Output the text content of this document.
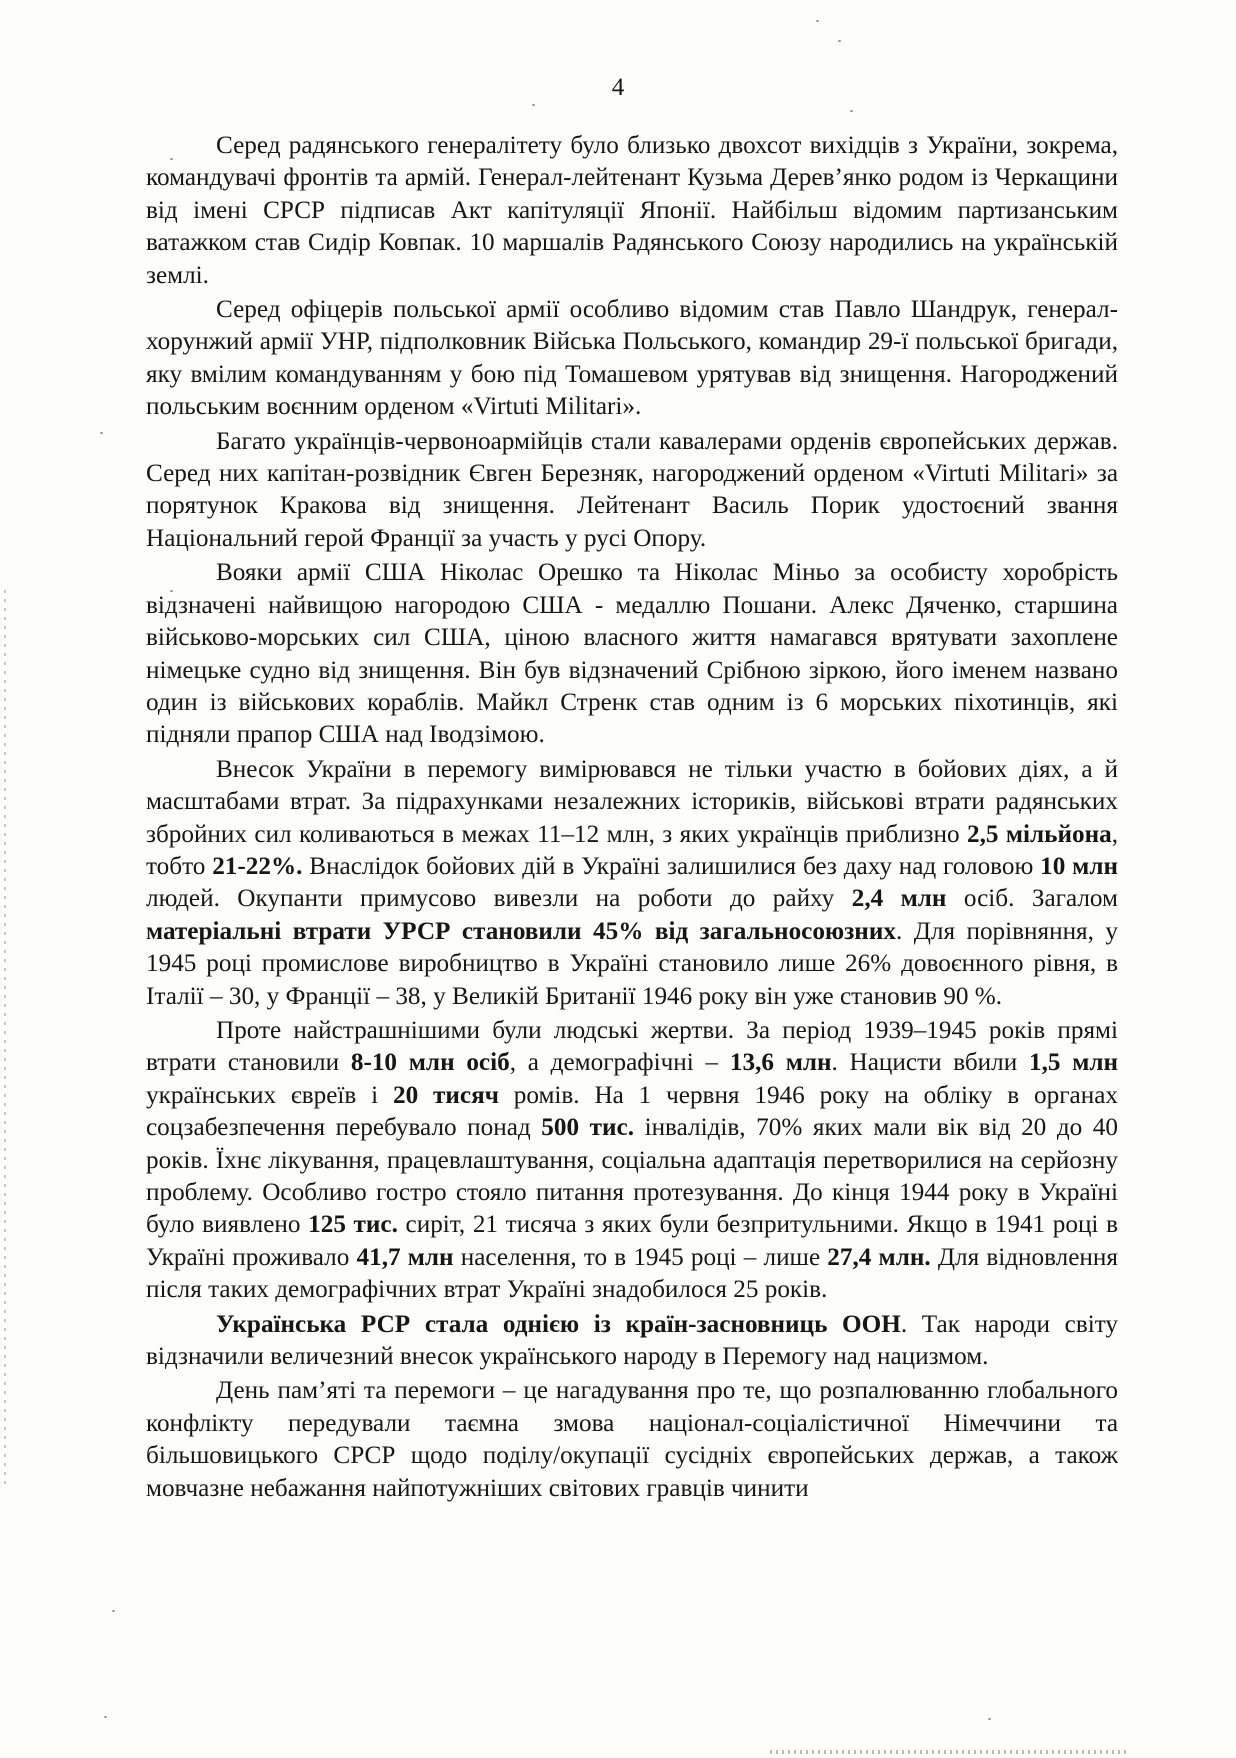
4

Серед радянського генералітету було близько двохсот вихідців з України, зокрема, командувачі фронтів та армій. Генерал-лейтенант Кузьма Дерев’янко родом із Черкащини від імені СРСР підписав Акт капітуляції Японії. Найбільш відомим партизанським ватажком став Сидір Ковпак. 10 маршалів Радянського Союзу народились на українській землі.

Серед офіцерів польської армії особливо відомим став Павло Шандрук, генерал-хорунжий армії УНР, підполковник Війська Польського, командир 29-ї польської бригади, яку вмілим командуванням у бою під Томашевом урятував від знищення. Нагороджений польським воєнним орденом «Virtuti Militari».

Багато українців-червоноармійців стали кавалерами орденів європейських держав. Серед них капітан-розвідник Євген Березняк, нагороджений орденом «Virtuti Militari» за порятунок Кракова від знищення. Лейтенант Василь Порик удостоєний звання Національний герой Франції за участь у русі Опору.

Вояки армії США Ніколас Орешко та Ніколас Міньо за особисту хоробрість відзначені найвищою нагородою США - медаллю Пошани. Алекс Дяченко, старшина військово-морських сил США, ціною власного життя намагався врятувати захоплене німецьке судно від знищення. Він був відзначений Срібною зіркою, його іменем названо один із військових кораблів. Майкл Стренк став одним із 6 морських піхотинців, які підняли прапор США над Іводзімою.

Внесок України в перемогу вимірювався не тільки участю в бойових діях, а й масштабами втрат. За підрахунками незалежних істориків, військові втрати радянських збройних сил коливаються в межах 11–12 млн, з яких українців приблизно 2,5 мільйона, тобто 21-22%. Внаслідок бойових дій в Україні залишилися без даху над головою 10 млн людей. Окупанти примусово вивезли на роботи до райху 2,4 млн осіб. Загалом матеріальні втрати УРСР становили 45% від загальносоюзних. Для порівняння, у 1945 році промислове виробництво в Україні становило лише 26% довоєнного рівня, в Італії – 30, у Франції – 38, у Великій Британії 1946 року він уже становив 90 %.

Проте найстрашнішими були людські жертви. За період 1939–1945 років прямі втрати становили 8-10 млн осіб, а демографічні – 13,6 млн. Нацисти вбили 1,5 млн українських євреїв і 20 тисяч ромів. На 1 червня 1946 року на обліку в органах соцзабезпечення перебувало понад 500 тис. інвалідів, 70% яких мали вік від 20 до 40 років. Їхнє лікування, працевлаштування, соціальна адаптація перетворилися на серйозну проблему. Особливо гостро стояло питання протезування. До кінця 1944 року в Україні було виявлено 125 тис. сиріт, 21 тисяча з яких були безпритульними. Якщо в 1941 році в Україні проживало 41,7 млн населення, то в 1945 році – лише 27,4 млн. Для відновлення після таких демографічних втрат Україні знадобилося 25 років.

Українська РСР стала однією із країн-засновниць ООН. Так народи світу відзначили величезний внесок українського народу в Перемогу над нацизмом.

День пам’яті та перемоги – це нагадування про те, що розпалюванню глобального конфлікту передували таємна змова націонал-соціалістичної Німеччини та більшовицького СРСР щодо поділу/окупації сусідніх європейських держав, а також мовчазне небажання найпотужніших світових гравців чинити
